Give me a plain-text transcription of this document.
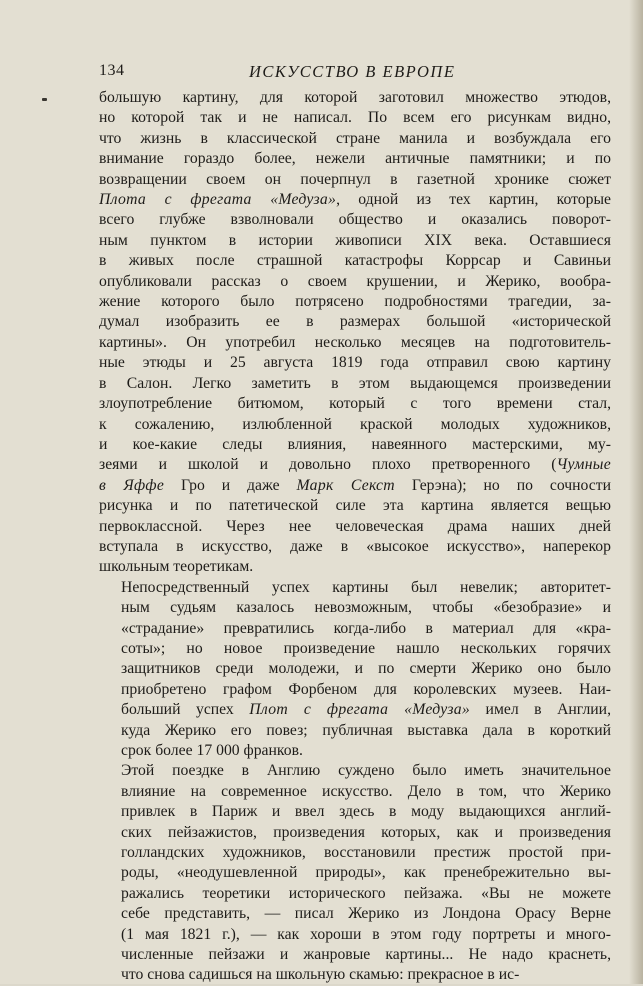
134	ИСКУССТВО В ЕВРОПЕ
большую картину, для которой заготовил множество этюдов,
но которой так и не написал. По всем его рисункам видно,
что жизнь в классической стране манила и возбуждала его
внимание гораздо более, нежели античные памятники; и по
возвращении своем он почерпнул в газетной хронике сюжет
Плота с фрегата «Медуза», одной из тех картин, которые
всего глубже взволновали общество и оказались поворот-
ным пунктом в истории живописи XIX века. Оставшиеся
в живых после страшной катастрофы Коррсар и Савиньи
опубликовали рассказ о своем крушении, и Жерико, вообра-
жение которого было потрясено подробностями трагедии, за-
думал изобразить ее в размерах большой «исторической
картины». Он употребил несколько месяцев на подготовитель-
ные этюды и 25 августа 1819 года отправил свою картину
в Салон. Легко заметить в этом выдающемся произведении
злоупотребление битюмом, который с того времени стал,
к сожалению, излюбленной краской молодых художников,
и кое-какие следы влияния, навеянного мастерскими, му-
зеями и школой и довольно плохо претворенного (Чумные
в Яффе Гро и даже Марк Секст Герэна); но по сочности
рисунка и по патетической силе эта картина является вещью
первоклассной. Через нее человеческая драма наших дней
вступала в искусство, даже в «высокое искусство», наперекор
школьным теоретикам.
Непосредственный успех картины был невелик; авторитет-
ным судьям казалось невозможным, чтобы «безобразие» и
«страдание» превратились когда-либо в материал для «кра-
соты»; но новое произведение нашло нескольких горячих
защитников среди молодежи, и по смерти Жерико оно было
приобретено графом Форбеном для королевских музеев. Наи-
больший успех Плот с фрегата «Медуза» имел в Англии,
куда Жерико его повез; публичная выставка дала в короткий
срок более 17 000 франков.
Этой поездке в Англию суждено было иметь значительное
влияние на современное искусство. Дело в том, что Жерико
привлек в Париж и ввел здесь в моду выдающихся англий-
ских пейзажистов, произведения которых, как и произведения
голландских художников, восстановили престиж простой при-
роды, «неодушевленной природы», как пренебрежительно вы-
ражались теоретики исторического пейзажа. «Вы не можете
себе представить, — писал Жерико из Лондона Орасу Верне
(1 мая 1821 г.), — как хороши в этом году портреты и много-
численные пейзажи и жанровые картины... Не надо краснеть,
что снова садишься на школьную скамью: прекрасное в ис-
